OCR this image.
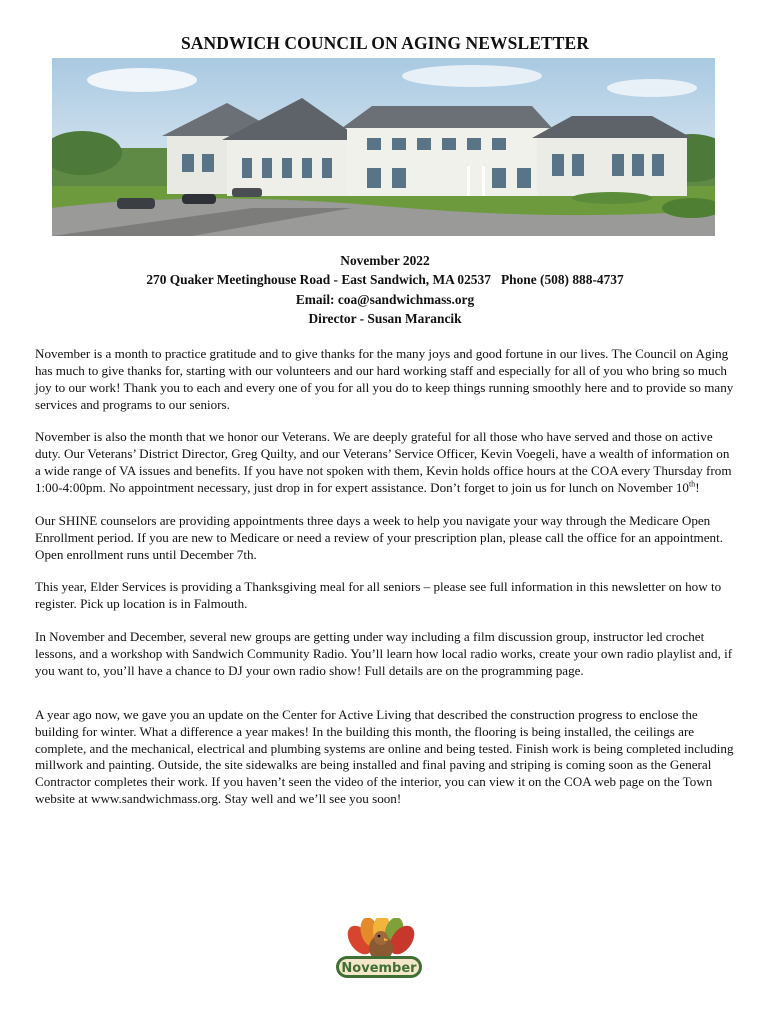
SANDWICH COUNCIL ON AGING NEWSLETTER
November 2022
270 Quaker Meetinghouse Road - East Sandwich, MA 02537   Phone (508) 888-4737
Email: coa@sandwichmass.org
Director - Susan Marancik

November is a month to practice gratitude and to give thanks for the many joys and good fortune in our lives. The Council on Aging has much to give thanks for, starting with our volunteers and our hard working staff and especially for all of you who bring so much joy to our work! Thank you to each and every one of you for all you do to keep things running smoothly here and to provide so many services and programs to our seniors.

November is also the month that we honor our Veterans. We are deeply grateful for all those who have served and those on active duty. Our Veterans’ District Director, Greg Quilty, and our Veterans’ Service Officer, Kevin Voegeli, have a wealth of information on a wide range of VA issues and benefits. If you have not spoken with them, Kevin holds office hours at the COA every Thursday from 1:00-4:00pm. No appointment necessary, just drop in for expert assistance. Don’t forget to join us for lunch on November 10th!

Our SHINE counselors are providing appointments three days a week to help you navigate your way through the Medicare Open Enrollment period. If you are new to Medicare or need a review of your prescription plan, please call the office for an appointment. Open enrollment runs until December 7th.

This year, Elder Services is providing a Thanksgiving meal for all seniors – please see full information in this newsletter on how to register. Pick up location is in Falmouth.

In November and December, several new groups are getting under way including a film discussion group, instructor led crochet lessons, and a workshop with Sandwich Community Radio. You’ll learn how local radio works, create your own radio playlist and, if you want to, you’ll have a chance to DJ your own radio show! Full details are on the programming page.

A year ago now, we gave you an update on the Center for Active Living that described the construction progress to enclose the building for winter. What a difference a year makes! In the building this month, the flooring is being installed, the ceilings are complete, and the mechanical, electrical and plumbing systems are online and being tested. Finish work is being completed including millwork and painting. Outside, the site sidewalks are being installed and final paving and striping is coming soon as the General Contractor completes their work. If you haven’t seen the video of the interior, you can view it on the COA web page on the Town website at www.sandwichmass.org. Stay well and we’ll see you soon!

November
